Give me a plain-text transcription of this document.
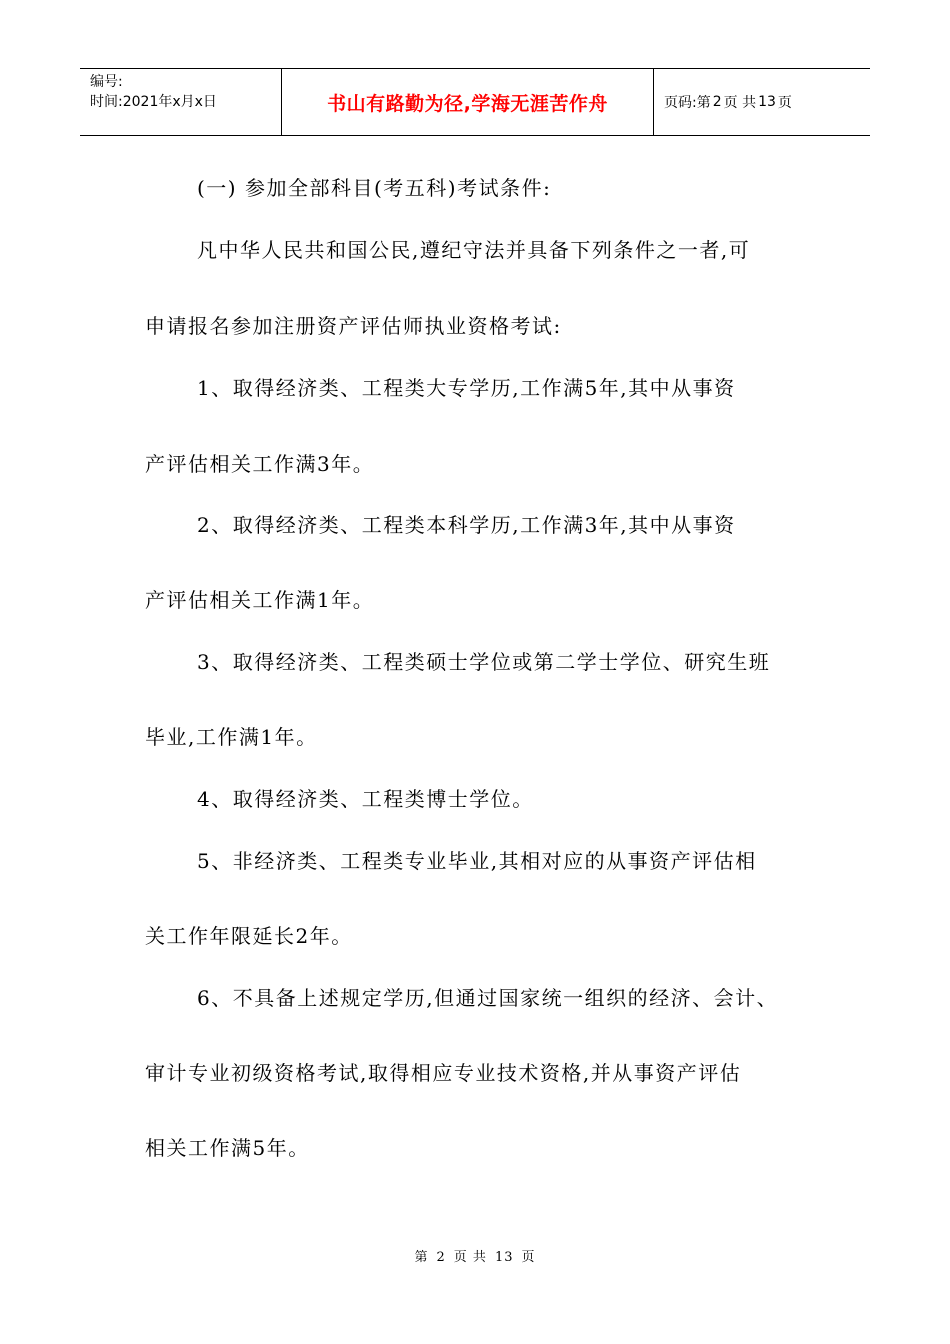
编号:
时间:2021年x月x日	书山有路勤为径,学海无涯苦作舟	页码:第 2 页 共 13 页
(一) 参加全部科目(考五科)考试条件:
凡中华人民共和国公民,遵纪守法并具备下列条件之一者,可
申请报名参加注册资产评估师执业资格考试:
1、取得经济类、工程类大专学历,工作满5年,其中从事资
产评估相关工作满3年。
2、取得经济类、工程类本科学历,工作满3年,其中从事资
产评估相关工作满1年。
3、取得经济类、工程类硕士学位或第二学士学位、研究生班
毕业,工作满1年。
4、取得经济类、工程类博士学位。
5、非经济类、工程类专业毕业,其相对应的从事资产评估相
关工作年限延长2年。
6、不具备上述规定学历,但通过国家统一组织的经济、会计、
审计专业初级资格考试,取得相应专业技术资格,并从事资产评估
相关工作满5年。
第 2 页 共 13 页
